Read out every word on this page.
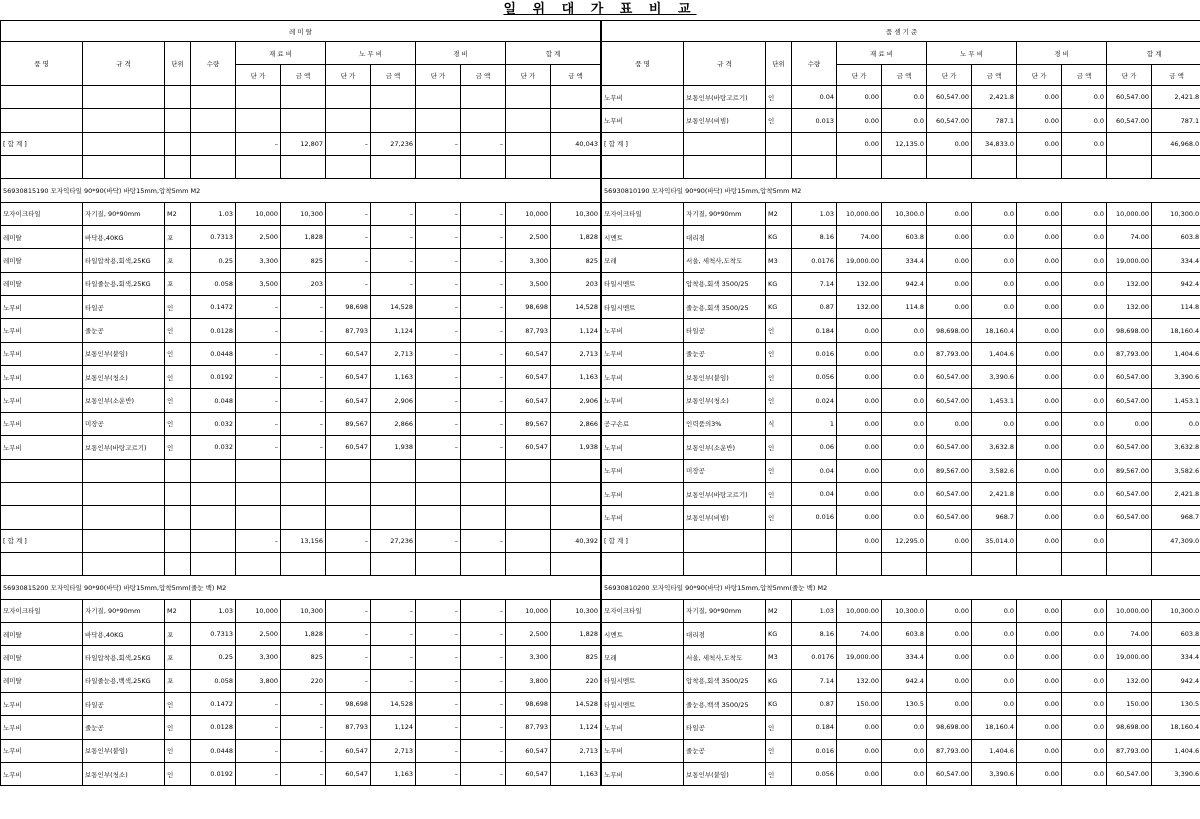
일 위 대 가 표 비 교
레 미 탈											
품 명	규 격	단위	수량	재 료 비		노 무 비		경 비		합 계	
				단 가	금 액	단 가	금 액	단 가	금 액	단 가	금 액

[ 합 계 ]				–	12,807	–	27,236	–	–		40,043

56930815190 모자익타일 90*90(바닥) 바탕15mm,압착5mm M2											
모자이크타일	자기질, 90*90mm	M2	1.03	10,000	10,300	–	–	–	–	10,000	10,300
레미탈	바닥용,40KG	포	0.7313	2,500	1,828	–	–	–	–	2,500	1,828
레미탈	타일압착용,회색,25KG	포	0.25	3,300	825	–	–	–	–	3,300	825
레미탈	타일줄눈용,회색,25KG	포	0.058	3,500	203	–	–	–	–	3,500	203
노무비	타일공	인	0.1472	–	–	98,698	14,528	–	–	98,698	14,528
노무비	줄눈공	인	0.0128	–	–	87,793	1,124	–	–	87,793	1,124
노무비	보통인부(붙임)	인	0.0448	–	–	60,547	2,713	–	–	60,547	2,713
노무비	보통인부(청소)	인	0.0192	–	–	60,547	1,163	–	–	60,547	1,163
노무비	보통인부(소운반)	인	0.048	–	–	60,547	2,906	–	–	60,547	2,906
노무비	미장공	인	0.032	–	–	89,567	2,866	–	–	89,567	2,866
노무비	보통인부(바탕고르기)	인	0.032	–	–	60,547	1,938	–	–	60,547	1,938

[ 합 계 ]				–	13,156	–	27,236	–	–		40,392

56930815200 모자익타일 90*90(바닥) 바탕15mm,압착5mm(줄눈 백) M2											
모자이크타일	자기질, 90*90mm	M2	1.03	10,000	10,300	–	–	–	–	10,000	10,300
레미탈	바닥용,40KG	포	0.7313	2,500	1,828	–	–	–	–	2,500	1,828
레미탈	타일압착용,회색,25KG	포	0.25	3,300	825	–	–	–	–	3,300	825
레미탈	타일줄눈용,백색,25KG	포	0.058	3,800	220	–	–	–	–	3,800	220
노무비	타일공	인	0.1472	–	–	98,698	14,528	–	–	98,698	14,528
노무비	줄눈공	인	0.0128	–	–	87,793	1,124	–	–	87,793	1,124
노무비	보통인부(붙임)	인	0.0448	–	–	60,547	2,713	–	–	60,547	2,713
노무비	보통인부(청소)	인	0.0192	–	–	60,547	1,163	–	–	60,547	1,163
품 셈 기 준											
품 명	규 격	단위	수량	재 료 비		노 무 비		경 비		합 계	
				단 가	금 액	단 가	금 액	단 가	금 액	단 가	금 액
노무비	보통인부(바탕고르기)	인	0.04	0.00	0.0	60,547.00	2,421.8	0.00	0.0	60,547.00	2,421.8
노무비	보통인부(비빔)	인	0.013	0.00	0.0	60,547.00	787.1	0.00	0.0	60,547.00	787.1
[ 합 계 ]				0.00	12,135.0	0.00	34,833.0	0.00	0.0		46,968.0

56930810190 모자익타일 90*90(바닥) 바탕15mm,압착5mm M2											
모자이크타일	자기질, 90*90mm	M2	1.03	10,000.00	10,300.0	0.00	0.0	0.00	0.0	10,000.00	10,300.0
시멘트	대리점	KG	8.16	74.00	603.8	0.00	0.0	0.00	0.0	74.00	603.8
모래	서울, 세척사,도착도	M3	0.0176	19,000.00	334.4	0.00	0.0	0.00	0.0	19,000.00	334.4
타일시멘트	압착용,회색 3500/25	KG	7.14	132.00	942.4	0.00	0.0	0.00	0.0	132.00	942.4
타일시멘트	줄눈용,회색 3500/25	KG	0.87	132.00	114.8	0.00	0.0	0.00	0.0	132.00	114.8
노무비	타일공	인	0.184	0.00	0.0	98,698.00	18,160.4	0.00	0.0	98,698.00	18,160.4
노무비	줄눈공	인	0.016	0.00	0.0	87,793.00	1,404.6	0.00	0.0	87,793.00	1,404.6
노무비	보통인부(붙임)	인	0.056	0.00	0.0	60,547.00	3,390.6	0.00	0.0	60,547.00	3,390.6
노무비	보통인부(청소)	인	0.024	0.00	0.0	60,547.00	1,453.1	0.00	0.0	60,547.00	1,453.1
공구손료	인력품의3%	식	1	0.00	0.0	0.00	0.0	0.00	0.0	0.00	0.0
노무비	보통인부(소운반)	인	0.06	0.00	0.0	60,547.00	3,632.8	0.00	0.0	60,547.00	3,632.8
노무비	미장공	인	0.04	0.00	0.0	89,567.00	3,582.6	0.00	0.0	89,567.00	3,582.6
노무비	보통인부(바탕고르기)	인	0.04	0.00	0.0	60,547.00	2,421.8	0.00	0.0	60,547.00	2,421.8
노무비	보통인부(비빔)	인	0.016	0.00	0.0	60,547.00	968.7	0.00	0.0	60,547.00	968.7
[ 합 계 ]				0.00	12,295.0	0.00	35,014.0	0.00	0.0		47,309.0

56930810200 모자익타일 90*90(바닥) 바탕15mm,압착5mm(줄눈 백) M2											
모자이크타일	자기질, 90*90mm	M2	1.03	10,000.00	10,300.0	0.00	0.0	0.00	0.0	10,000.00	10,300.0
시멘트	대리점	KG	8.16	74.00	603.8	0.00	0.0	0.00	0.0	74.00	603.8
모래	서울, 세척사,도착도	M3	0.0176	19,000.00	334.4	0.00	0.0	0.00	0.0	19,000.00	334.4
타일시멘트	압착용,회색 3500/25	KG	7.14	132.00	942.4	0.00	0.0	0.00	0.0	132.00	942.4
타일시멘트	줄눈용,백색 3500/25	KG	0.87	150.00	130.5	0.00	0.0	0.00	0.0	150.00	130.5
노무비	타일공	인	0.184	0.00	0.0	98,698.00	18,160.4	0.00	0.0	98,698.00	18,160.4
노무비	줄눈공	인	0.016	0.00	0.0	87,793.00	1,404.6	0.00	0.0	87,793.00	1,404.6
노무비	보통인부(붙임)	인	0.056	0.00	0.0	60,547.00	3,390.6	0.00	0.0	60,547.00	3,390.6
